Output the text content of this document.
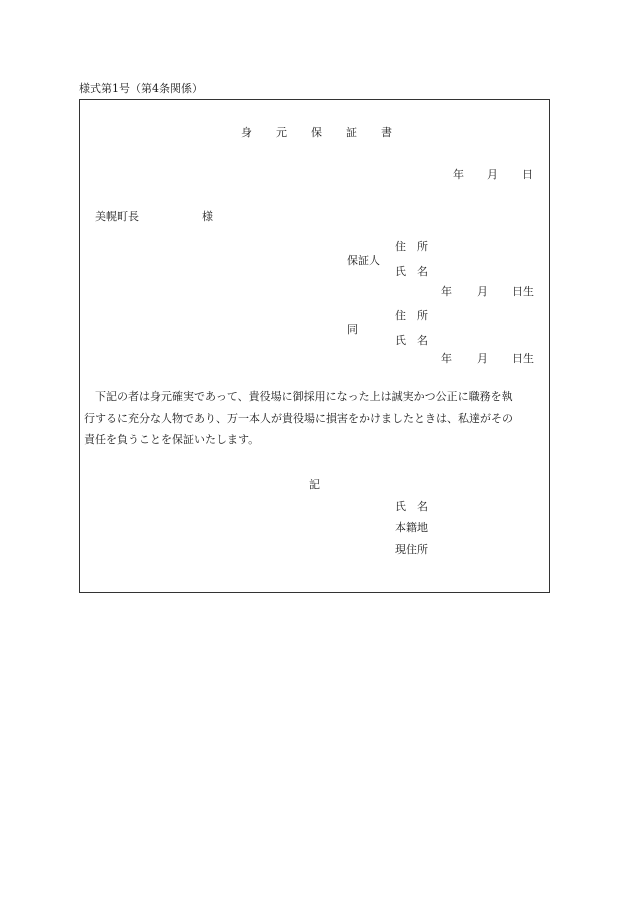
様式第1号（第4条関係）
身 元 保 証 書
年 月 日
美幌町長	様
保証人
住 所
氏 名
年 月 日生
同
住 所
氏 名
年 月 日生

　下記の者は身元確実であって、貴役場に御採用になった上は誠実かつ公正に職務を執

行するに充分な人物であり、万一本人が貴役場に損害をかけましたときは、私達がその

責任を負うことを保証いたします。

記
氏 名
本籍地
現住所
